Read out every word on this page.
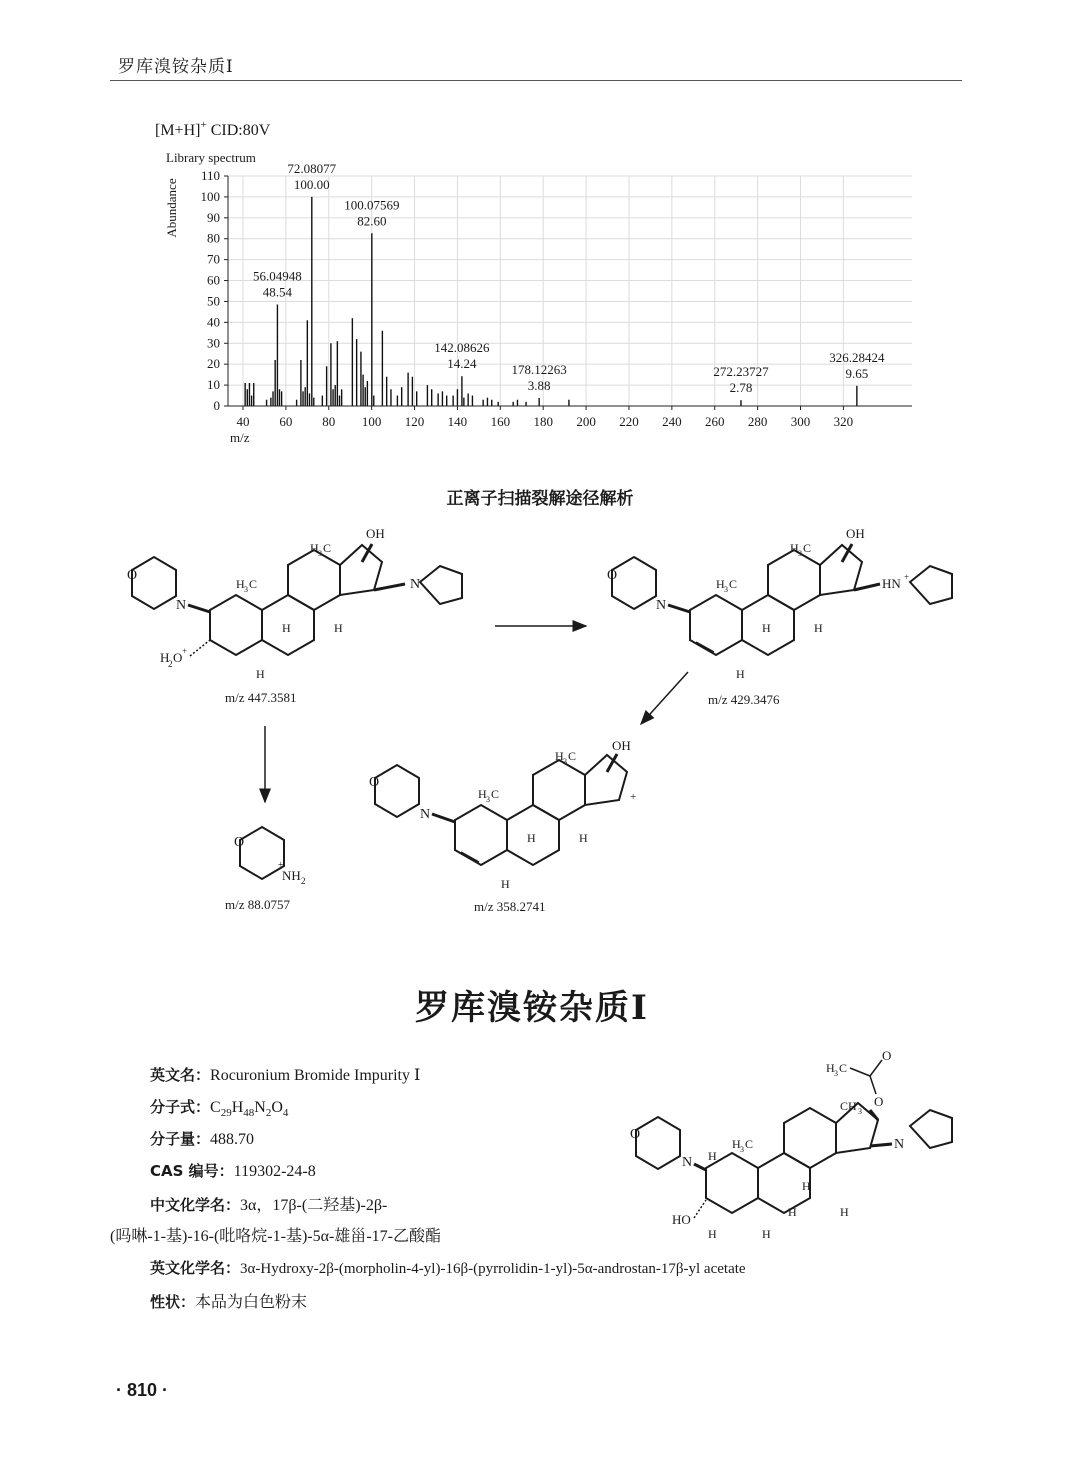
罗库溴铵杂质Ⅰ
[M+H]+ CID:80V
Library spectrum
Abundance
m/z
0
10
20
30
40
50
60
70
80
90
100
110
40 60 80 100 120 140 160 180 200 220 240 260 280 300 320
72.08077
100.00
100.07569
82.60
56.04948
48.54
142.08626
14.24	178.12263
3.88
272.23727
2.78
326.28424
9.65
正离子扫描裂解途径解析
O
N
H
2 O +
H 3 C
H 3 C
OH
N
H	H
H
m/z 447.3581
O
N
H 3 C
H 3 C
OH
HN +
H	H
H
m/z 429.3476
O
+
NH 2
m/z 88.0757
O
N
H 3 C
H 3 C
OH
+
H	H
H
m/z 358.2741
罗库溴铵杂质Ⅰ
英文名：Rocuronium Bromide Impurity Ⅰ
分子式：$C_{29}H_{48}N_2O_4$
分子量：488.70
CAS 编号：119302-24-8
中文化学名：3α，17β-(二羟基)-2β-
(吗啉-1-基)-16-(吡咯烷-1-基)-5α-雄甾-17-乙酸酯
英文化学名：3α-Hydroxy-2β-(morpholin-4-yl)-16β-(pyrrolidin-1-yl)-5α-androstan-17β-yl acetate
性状：本品为白色粉末
O
N H
HO
H
H 3 C
CH 3
H 3 C
O
O
N
H
H	H
H
· 810 ·
